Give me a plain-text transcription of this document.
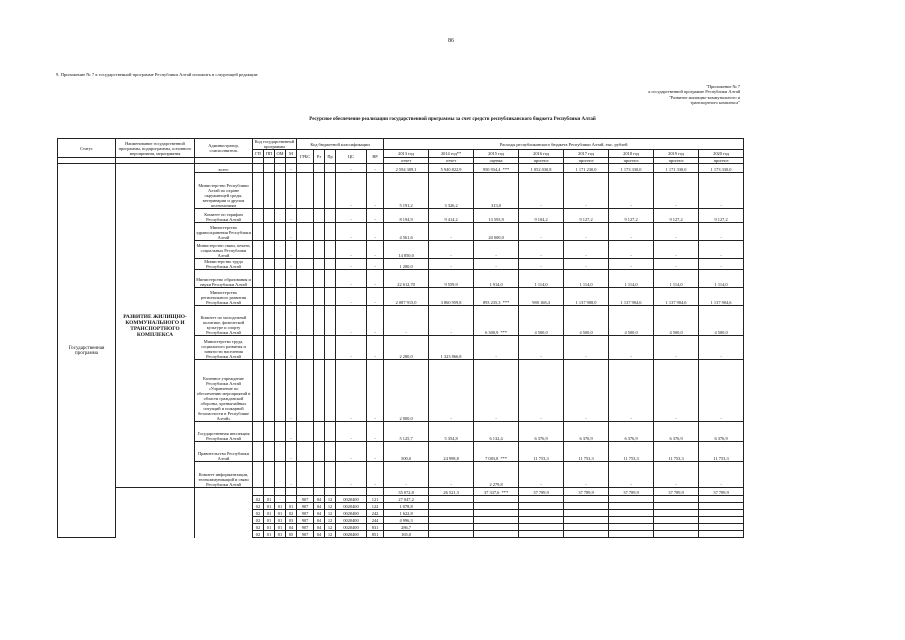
86
9. Приложение № 7 к государственной программе Республики Алтай изложить в следующей редакции:
"Приложение № 7
к государственной программе Республики Алтай
"Развитие жилищно-коммунального и
транспортного комплекса"
Ресурсное обеспечение реализации государственной программы за счет средств республиканского бюджета Республики Алтай
Статус	Наименование государственной программы, подпрограммы, основного мероприятия, мероприятия	Администратор, соисполнитель	Код государственной программы				Код бюджетной классификации					Расходы республиканского бюджета Республики Алтай, тыс. рублей							
			ГП	ПП	ОМ	М													
							ГРБС	Рз	Пр	ЦС	ВР	2013 год	2014 год**	2015 год	2016 год	2017 год	2018 год	2019 год	2020 год
												отчет	отчет	оценка	прогноз	прогноз	прогноз	прогноз	прогноз
Государственная программа	РАЗВИТИЕ ЖИЛИЩНО-КОММУНАЛЬНОГО И ТРАНСПОРТНОГО КОМПЛЕКСА	всего				-				-	-	2 594 309,1	5 940 822,9	950 934,4 ***	1 052 030,8	1 171 230,0	1 173 330,0	1 171 330,0	1 173 330,0
		Министерство Республики Алтай по охране окружающей среды, ветеринарии и другим полномочиям				-				-	-	5 191,2	3 326,2	313,0	-	-	-	-	-
		Комитет по тарифам Республики Алтай				-				-	-	8 194,9	9 414,2	13 593,9	9 104,2	9 127,2	9 127,2	9 127,2	9 127,2
		Министерство здравоохранения Республики Алтай				-				-	-	4 561,6	-	20 000,0	-	-	-	-	-
		Министерство связи, печати, социальных Республики Алтай				-				-	-	14 850,0	-	-	-	-	-	-	-
		Министерство труда Республики Алтай				-				-	-	1 280,0	-	-	-	-	-	-	-
		Министерство образования и науки Республики Алтай				-				-	-	22 612,70	9 559,9	1 914,0	1 114,0	1 114,0	1 114,0	1 114,0	1 114,0
		Министерство регионального развития Республики Алтай				-				-	-	2 087 915,0	3 860 959,8	893 235,3 ***	980 168,4	1 137 908,0	1 137 904,6	1 137 904,6	1 137 904,6
		Комитет по молодежной политике, физической культуре и спорту Республики Алтай				-				-	-	-	-	6 300,9 ***	4 500,0	4 500,0	4 500,0	4 500,0	4 500,0
		Министерство труда, социального развития и занятости населения Республики Алтай				-				-	-	2 280,0	1 323 866,8	-	-	-	-	-	-
		Казенное учреждение Республики Алтай «Управление по обеспечению мероприятий в области гражданской обороны, чрезвычайных ситуаций и пожарной безопасности в Республике Алтай»				-				-	-	2 000,0	-	-	-	-	-	-	-
		Государственная инспекция Республики Алтай				-				-	-	5 125,7	5 354,8	6 132,4	6 376,9	6 376,9	6 376,9	6 376,9	6 376,9
		Правительство Республики Алтай				-				-	-	500,0	24 998,8	7 083,8 ***	11 753,3	11 753,3	11 753,3	11 753,3	11 753,3
		Комитет информатизации, телекоммуникаций и связи Республики Алтай				-				-	-	-	-	2 279,8	-	-	-	-	-
												35 072,8	26 521,3	37 337,6 ***	37 789,9	37 789,9	37 789,9	37 789,9	37 789,9
			02	01			907	04	12	0020400	121	27 047,2							
			02	01	01	01	907	04	12	0020400	122	1 078,8							
			02	01	01	02	907	04	12	0020400	242	1 622,8							
			02	01	01	03	907	04	12	0020400	244	4 996,3							
			02	01	01	04	907	04	12	0020400	831	286,7							
			02	01	01	05	907	04	12	0020400	851	165,0							
